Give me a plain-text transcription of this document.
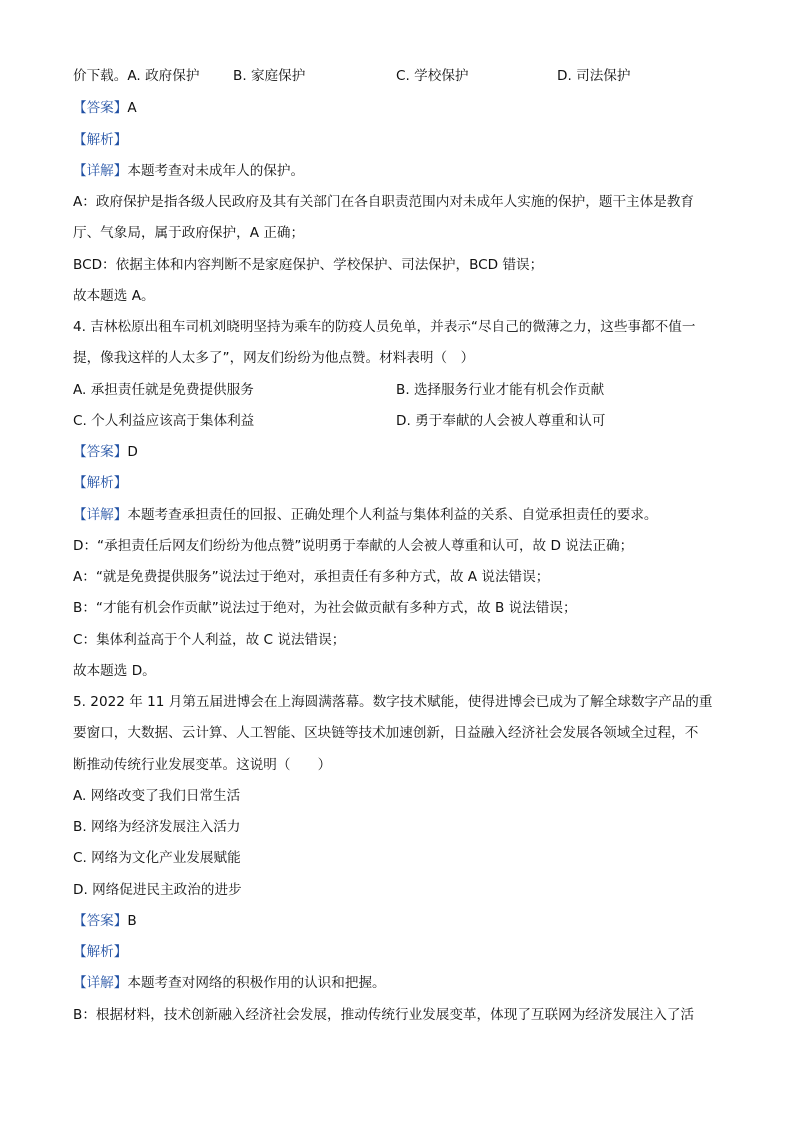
价下载。A. 政府保护 B. 家庭保护	C. 学校保护	D. 司法保护
【答案】A
【解析】
【详解】本题考查对未成年人的保护。
A：政府保护是指各级人民政府及其有关部门在各自职责范围内对未成年人实施的保护，题干主体是教育
厅、气象局，属于政府保护，A 正确；
BCD：依据主体和内容判断不是家庭保护、学校保护、司法保护，BCD 错误；
故本题选 A。
4. 吉林松原出租车司机刘晓明坚持为乘车的防疫人员免单，并表示“尽自己的微薄之力，这些事都不值一
提，像我这样的人太多了”，网友们纷纷为他点赞。材料表明（　）
A. 承担责任就是免费提供服务	B. 选择服务行业才能有机会作贡献
C. 个人利益应该高于集体利益	D. 勇于奉献的人会被人尊重和认可
【答案】D
【解析】
【详解】本题考查承担责任的回报、正确处理个人利益与集体利益的关系、自觉承担责任的要求。
D：“承担责任后网友们纷纷为他点赞”说明勇于奉献的人会被人尊重和认可，故 D 说法正确；
A：“就是免费提供服务”说法过于绝对，承担责任有多种方式，故 A 说法错误；
B：“才能有机会作贡献”说法过于绝对，为社会做贡献有多种方式，故 B 说法错误；
C：集体利益高于个人利益，故 C 说法错误；
故本题选 D。
5. 2022 年 11 月第五届进博会在上海圆满落幕。数字技术赋能，使得进博会已成为了解全球数字产品的重
要窗口，大数据、云计算、人工智能、区块链等技术加速创新，日益融入经济社会发展各领域全过程，不
断推动传统行业发展变革。这说明（　　）
A. 网络改变了我们日常生活
B. 网络为经济发展注入活力
C. 网络为文化产业发展赋能
D. 网络促进民主政治的进步
【答案】B
【解析】
【详解】本题考查对网络的积极作用的认识和把握。
B：根据材料，技术创新融入经济社会发展，推动传统行业发展变革，体现了互联网为经济发展注入了活
